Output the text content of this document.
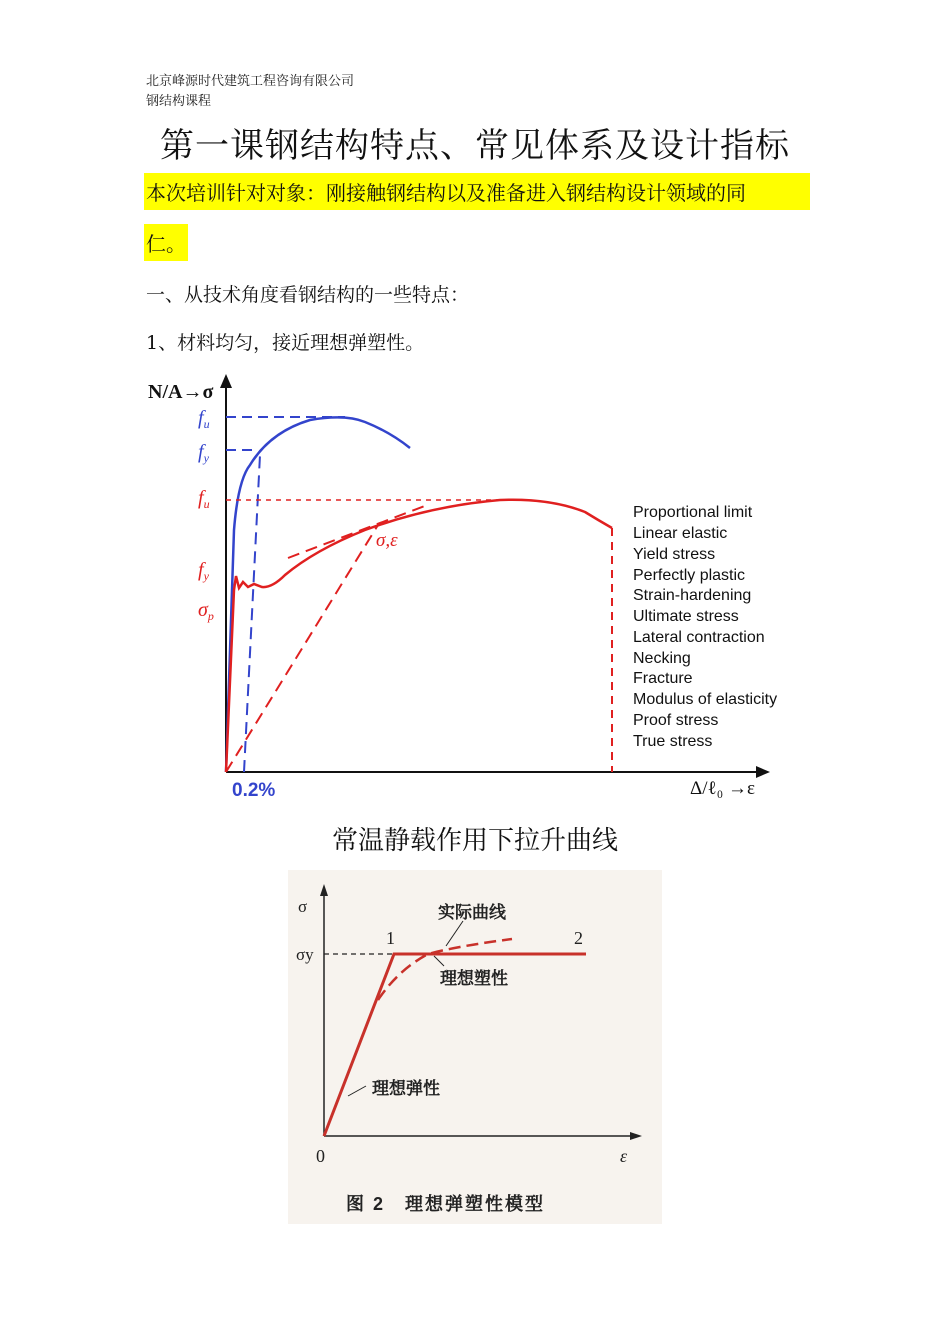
北京峰源时代建筑工程咨询有限公司
钢结构课程
第一课钢结构特点、常见体系及设计指标
本次培训针对对象：刚接触钢结构以及准备进入钢结构设计领域的同
仁。
一、从技术角度看钢结构的一些特点：
1、材料均匀，接近理想弹塑性。
N/A→σ
Δ/ℓ₀ →ε
0.2%
$f_u$
$f_y$
$f_u$
$f_y$
$\sigma_p$
σ,ε
Proportional limit
Linear elastic
Yield stress
Perfectly plastic
Strain-hardening
Ultimate stress
Lateral contraction
Necking
Fracture
Modulus of elasticity
Proof stress
True stress
常温静载作用下拉升曲线
σ
σy
0	ε
1	2
实际曲线
理想塑性
理想弹性
图 2　理想弹塑性模型
